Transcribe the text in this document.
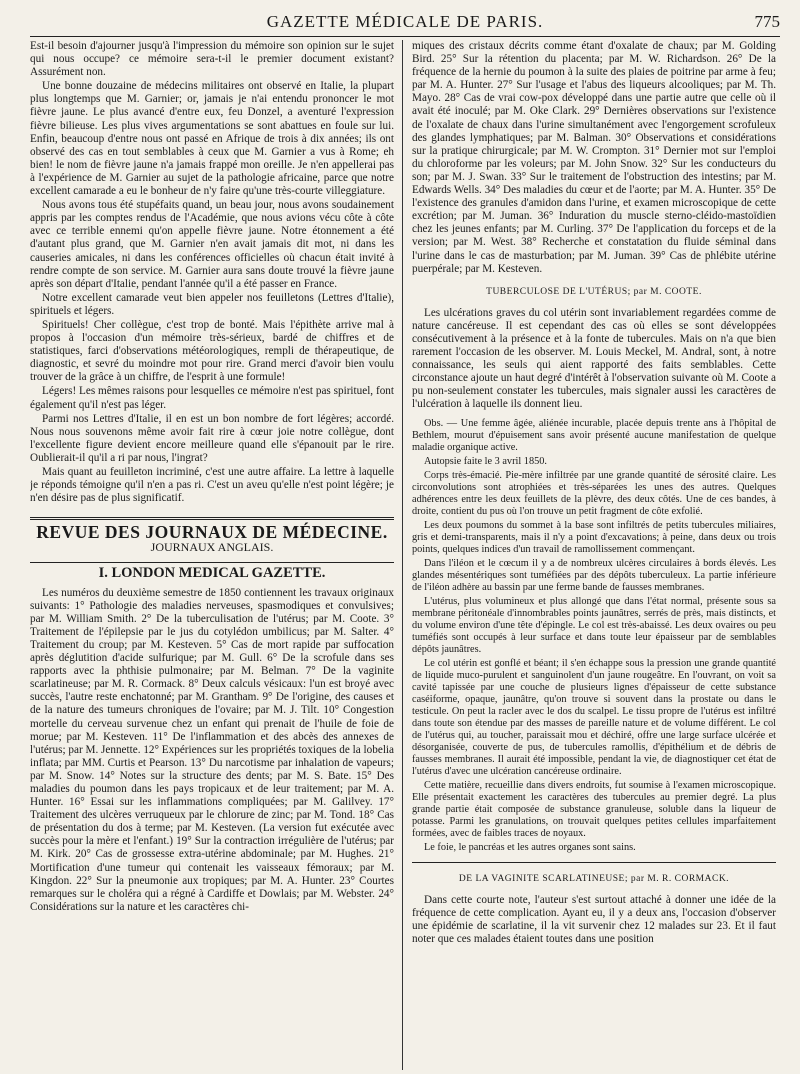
GAZETTE MÉDICALE DE PARIS.	775

Est-il besoin d'ajourner jusqu'à l'impression du mémoire son opinion sur le sujet qui nous occupe? ce mémoire sera-t-il le premier document existant? Assurément non.

Une bonne douzaine de médecins militaires ont observé en Italie, la plupart plus longtemps que M. Garnier; or, jamais je n'ai entendu prononcer le mot fièvre jaune. Le plus avancé d'entre eux, feu Donzel, a aventuré l'expression fièvre bilieuse. Les plus vives argumentations se sont abattues en foule sur lui. Enfin, beaucoup d'entre nous ont passé en Afrique de trois à dix années; ils ont observé des cas en tout semblables à ceux que M. Garnier a vus à Rome; eh bien! le nom de fièvre jaune n'a jamais frappé mon oreille. Je n'en appellerai pas à l'expérience de M. Garnier au sujet de la pathologie africaine, parce que notre excellent camarade a eu le bonheur de n'y faire qu'une très-courte villeggiature.

Nous avons tous été stupéfaits quand, un beau jour, nous avons soudainement appris par les comptes rendus de l'Académie, que nous avions vécu côte à côte avec ce terrible ennemi qu'on appelle fièvre jaune. Notre étonnement a été d'autant plus grand, que M. Garnier n'en avait jamais dit mot, ni dans les causeries amicales, ni dans les conférences officielles où chacun était invité à rendre compte de son service. M. Garnier aura sans doute trouvé la fièvre jaune après son départ d'Italie, pendant l'année qu'il a été passer en France.

Notre excellent camarade veut bien appeler nos feuilletons (Lettres d'Italie), spirituels et légers.

Spirituels! Cher collègue, c'est trop de bonté. Mais l'épithète arrive mal à propos à l'occasion d'un mémoire très-sérieux, bardé de chiffres et de statistiques, farci d'observations météorologiques, rempli de thérapeutique, de diagnostic, et sevré du moindre mot pour rire. Grand merci d'avoir bien voulu trouver de la grâce à un chiffre, de l'esprit à une formule!

Légers! Les mêmes raisons pour lesquelles ce mémoire n'est pas spirituel, font également qu'il n'est pas léger.

Parmi nos Lettres d'Italie, il en est un bon nombre de fort légères; accordé. Nous nous souvenons même avoir fait rire à cœur joie notre collègue, dont l'excellente figure devient encore meilleure quand elle s'épanouit par le rire. Oublierait-il qu'il a ri par nous, l'ingrat?

Mais quant au feuilleton incriminé, c'est une autre affaire. La lettre à laquelle je réponds témoigne qu'il n'en a pas ri. C'est un aveu qu'elle n'est point légère; je n'en désire pas de plus significatif.

REVUE DES JOURNAUX DE MÉDECINE.
JOURNAUX ANGLAIS.
I. LONDON MEDICAL GAZETTE.

Les numéros du deuxième semestre de 1850 contiennent les travaux originaux suivants: 1° Pathologie des maladies nerveuses, spasmodiques et convulsives; par M. William Smith. 2° De la tuberculisation de l'utérus; par M. Coote. 3° Traitement de l'épilepsie par le jus du cotylédon umbilicus; par M. Salter. 4° Traitement du croup; par M. Kesteven. 5° Cas de mort rapide par suffocation après déglutition d'acide sulfurique; par M. Gull. 6° De la scrofule dans ses rapports avec la phthisie pulmonaire; par M. Belman. 7° De la vaginite scarlatineuse; par M. R. Cormack. 8° Deux calculs vésicaux: l'un est broyé avec succès, l'autre reste enchatonné; par M. Grantham. 9° De l'origine, des causes et de la nature des tumeurs chroniques de l'ovaire; par M. J. Tilt. 10° Congestion mortelle du cerveau survenue chez un enfant qui prenait de l'huile de foie de morue; par M. Kesteven. 11° De l'inflammation et des abcès des annexes de l'utérus; par M. Jennette. 12° Expériences sur les propriétés toxiques de la lobelia inflata; par MM. Curtis et Pearson. 13° Du narcotisme par inhalation de vapeurs; par M. Snow. 14° Notes sur la structure des dents; par M. S. Bate. 15° Des maladies du poumon dans les pays tropicaux et de leur traitement; par M. A. Hunter. 16° Essai sur les inflammations compliquées; par M. Galilvey. 17° Traitement des ulcères verruqueux par le chlorure de zinc; par M. Tond. 18° Cas de présentation du dos à terme; par M. Kesteven. (La version fut exécutée avec succès pour la mère et l'enfant.) 19° Sur la contraction irrégulière de l'utérus; par M. Kirk. 20° Cas de grossesse extra-utérine abdominale; par M. Hughes. 21° Mortification d'une tumeur qui contenait les vaisseaux fémoraux; par M. Kingdon. 22° Sur la pneumonie aux tropiques; par M. A. Hunter. 23° Courtes remarques sur le choléra qui a régné à Cardiffe et Dowlais; par M. Webster. 24° Considérations sur la nature et les caractères chi-

miques des cristaux décrits comme étant d'oxalate de chaux; par M. Golding Bird. 25° Sur la rétention du placenta; par M. W. Richardson. 26° De la fréquence de la hernie du poumon à la suite des plaies de poitrine par arme à feu; par M. A. Hunter. 27° Sur l'usage et l'abus des liqueurs alcooliques; par M. Th. Mayo. 28° Cas de vrai cow-pox développé dans une partie autre que celle où il avait été inoculé; par M. Oke Clark. 29° Dernières observations sur l'existence de l'oxalate de chaux dans l'urine simultanément avec l'engorgement scrofuleux des glandes lymphatiques; par M. Balman. 30° Observations et considérations sur la pratique chirurgicale; par M. W. Crompton. 31° Dernier mot sur l'emploi du chloroforme par les voleurs; par M. John Snow. 32° Sur les conducteurs du son; par M. J. Swan. 33° Sur le traitement de l'obstruction des intestins; par M. Edwards Wells. 34° Des maladies du cœur et de l'aorte; par M. A. Hunter. 35° De l'existence des granules d'amidon dans l'urine, et examen microscopique de cette excrétion; par M. Juman. 36° Induration du muscle sterno-cléido-mastoïdien chez les jeunes enfants; par M. Curling. 37° De l'application du forceps et de la version; par M. West. 38° Recherche et constatation du fluide séminal dans l'urine dans le cas de masturbation; par M. Juman. 39° Cas de phlébite utérine puerpérale; par M. Kesteven.

TUBERCULOSE DE L'UTÉRUS; par M. COOTE.

Les ulcérations graves du col utérin sont invariablement regardées comme de nature cancéreuse. Il est cependant des cas où elles se sont développées consécutivement à la présence et à la fonte de tubercules. Mais on n'a que bien rarement l'occasion de les observer. M. Louis Meckel, M. Andral, sont, à notre connaissance, les seuls qui aient rapporté des faits semblables. Cette circonstance ajoute un haut degré d'intérêt à l'observation suivante où M. Coote a pu non-seulement constater les tubercules, mais signaler aussi les caractères de l'ulcération à laquelle ils donnent lieu.

Obs. — Une femme âgée, aliénée incurable, placée depuis trente ans à l'hôpital de Bethlem, mourut d'épuisement sans avoir présenté aucune manifestation de quelque maladie organique active.

Autopsie faite le 3 avril 1850.

Corps très-émacié. Pie-mère infiltrée par une grande quantité de sérosité claire. Les circonvolutions sont atrophiées et très-séparées les unes des autres. Quelques adhérences entre les deux feuillets de la plèvre, des deux côtés. Une de ces bandes, à droite, contient du pus où l'on trouve un petit fragment de côte exfolié.

Les deux poumons du sommet à la base sont infiltrés de petits tubercules miliaires, gris et demi-transparents, mais il n'y a point d'excavations; à peine, dans deux ou trois points, quelques indices d'un travail de ramollissement commençant.

Dans l'iléon et le cœcum il y a de nombreux ulcères circulaires à bords élevés. Les glandes mésentériques sont tuméfiées par des dépôts tuberculeux. La partie inférieure de l'iléon adhère au bassin par une ferme bande de fausses membranes.

L'utérus, plus volumineux et plus allongé que dans l'état normal, présente sous sa membrane péritonéale d'innombrables points jaunâtres, serrés de près, mais distincts, et du volume environ d'une tête d'épingle. Le col est très-abaissé. Les deux ovaires ou peu tuméfiés sont occupés à leur surface et dans toute leur épaisseur par de semblables dépôts jaunâtres.

Le col utérin est gonflé et béant; il s'en échappe sous la pression une grande quantité de liquide muco-purulent et sanguinolent d'un jaune rougeâtre. En l'ouvrant, on voit sa cavité tapissée par une couche de plusieurs lignes d'épaisseur de cette substance caséiforme, opaque, jaunâtre, qu'on trouve si souvent dans la prostate ou dans le testicule. On peut la racler avec le dos du scalpel. Le tissu propre de l'utérus est infiltré dans toute son étendue par des masses de pareille nature et de volume différent. Le col de l'utérus qui, au toucher, paraissait mou et déchiré, offre une large surface ulcérée et désorganisée, couverte de pus, de tubercules ramollis, d'épithélium et de débris de fausses membranes. Il aurait été impossible, pendant la vie, de diagnostiquer cet état de l'utérus d'avec une ulcération cancéreuse ordinaire.

Cette matière, recueillie dans divers endroits, fut soumise à l'examen microscopique. Elle présentait exactement les caractères des tubercules au premier degré. La plus grande partie était composée de substance granuleuse, soluble dans la liqueur de potasse. Parmi les granulations, on trouvait quelques petites cellules imparfaitement formées, avec de faibles traces de noyaux.

Le foie, le pancréas et les autres organes sont sains.

DE LA VAGINITE SCARLATINEUSE; par M. R. CORMACK.

Dans cette courte note, l'auteur s'est surtout attaché à donner une idée de la fréquence de cette complication. Ayant eu, il y a deux ans, l'occasion d'observer une épidémie de scarlatine, il la vit survenir chez 12 malades sur 23. Et il faut noter que ces malades étaient toutes dans une position
